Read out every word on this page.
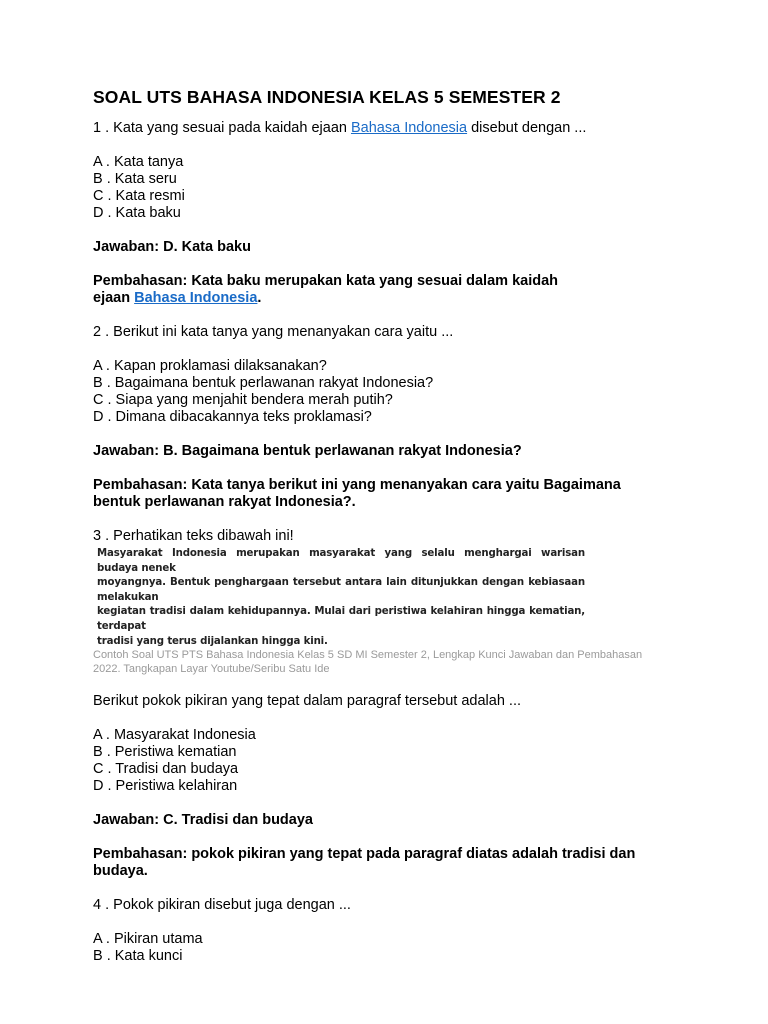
SOAL UTS BAHASA INDONESIA KELAS 5 SEMESTER 2
1 . Kata yang sesuai pada kaidah ejaan Bahasa Indonesia disebut dengan ...
A . Kata tanya
B . Kata seru
C . Kata resmi
D . Kata baku
Jawaban: D. Kata baku
Pembahasan: Kata baku merupakan kata yang sesuai dalam kaidah
ejaan Bahasa Indonesia.
2 . Berikut ini kata tanya yang menanyakan cara yaitu ...
A . Kapan proklamasi dilaksanakan?
B . Bagaimana bentuk perlawanan rakyat Indonesia?
C . Siapa yang menjahit bendera merah putih?
D . Dimana dibacakannya teks proklamasi?
Jawaban: B. Bagaimana bentuk perlawanan rakyat Indonesia?
Pembahasan: Kata tanya berikut ini yang menanyakan cara yaitu Bagaimana
bentuk perlawanan rakyat Indonesia?.
3 . Perhatikan teks dibawah ini!
Masyarakat Indonesia merupakan masyarakat yang selalu menghargai warisan budaya nenek
moyangnya. Bentuk penghargaan tersebut antara lain ditunjukkan dengan kebiasaan melakukan
kegiatan tradisi dalam kehidupannya. Mulai dari peristiwa kelahiran hingga kematian, terdapat
tradisi yang terus dijalankan hingga kini.
Contoh Soal UTS PTS Bahasa Indonesia Kelas 5 SD MI Semester 2, Lengkap Kunci Jawaban dan Pembahasan
2022. Tangkapan Layar Youtube/Seribu Satu Ide
Berikut pokok pikiran yang tepat dalam paragraf tersebut adalah ...
A . Masyarakat Indonesia
B . Peristiwa kematian
C . Tradisi dan budaya
D . Peristiwa kelahiran
Jawaban: C. Tradisi dan budaya
Pembahasan: pokok pikiran yang tepat pada paragraf diatas adalah tradisi dan
budaya.
4 . Pokok pikiran disebut juga dengan ...
A . Pikiran utama
B . Kata kunci
